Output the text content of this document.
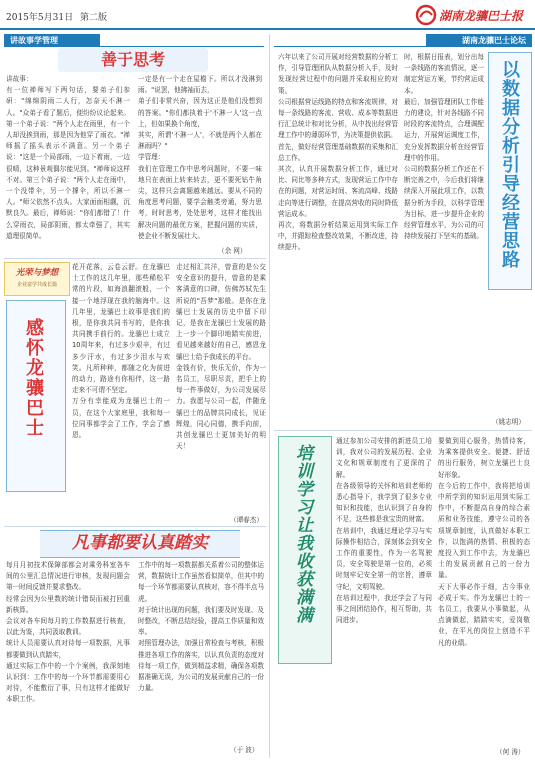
2015年5月31日 第二版	湖南龙骧巴士报
讲故事学管理
善于思考
讲故事：
有一位禅师写下两句话，要弟子们参研："绵绵阴雨二人行，怎奈天不淋一人。"众弟子看了题后，便纷纷议论起来。第一个弟子说："两个人走在雨里，有一个人却没挨到雨，那是因为他穿了雨衣。"禅师摇了摇头表示不满意。另一个弟子说："这是一个局部雨，一边下着雨，一边很晴，这种景观偶尔能见到。"禅师说这样不对。第三个弟子说："两个人走在雨中，一个没带伞，另一个撑伞，所以不淋一人。"师父依然不点头。大家面面相觑，沉默良久。最后，禅师说："你们都错了！什么穿雨衣，局部阴雨，都太牵强了，其实道理很简单。
一定是有一个走在屋檐下。所以才没淋到雨。"说罢，他拂袖而去，
弟子们非常兴奋，因为这正是他们没想到的答案。"你们都执着于'不淋一人'这一点上，但如果换个角度，
其实，所谓'不淋一人'，不就是两个人都在淋雨吗？"
学管理：
我们在管理工作中思考问题时，不要一味地只在表面上转来转去，更不要死钻牛角尖，这样只会离题越来越远。要从不同的角度思考问题，要学会触类旁通，努力思考，时时思考，处处思考，这样才能找出解决问题的最优方案，把握问题的实质，使企业不断发展壮大。
（余 网）
光荣与梦想
企业富学共成长篇
感怀龙骧巴士
花开花落，云卷云舒。在龙骧巴士工作的这几年里，那些稀松平常的片段，如海浪翻滚般，一个接一个地浮现在我的脑海中。这几年里，龙骧巴士故事是我们的根，是你我共同书写的，是你我共同携手前行的。龙骧巴士成立10周年来，有过多少艰辛，有过多少汗水，有过多少泪水与欢笑。凡所种种，都随之化为前进的动力，路途有你相伴，这一路走来不可谓不坚定。
万分有幸能成为龙骧巴士的一员，在这个大家庭里，我和每一位同事都学会了工作，学会了感恩。
走过相汇共洋，曾意的是公交安全意识的提升，曾意的是乘客满意的口碑，仿佛苏轼先生所说的"吾梦"那般。是你在龙骧巴士发展的历史中留下印记，是我在龙骧巴士发展的路上一步一个脚印地踏实前进，看见越来越好的自己，感恩龙骧巴士给予我成长的平台。
金钱有价，快乐无价，作为一名员工，尽职尽责，把手上的每一件事做好，为公司发展尽力。我愿与公司一起，伴随龙骧巴士的品牌共同成长，见证辉煌，同心同德，携手向前，共创龙骧巴士更加美好的明天！
（谭春杰）
凡事都要认真踏实
每月月初技术保障部都会对乘务科室各车间的公里汇总情况进行审核，发现问题会第一时间反馈并要求整改。
经常会因为公里数的统计错误而被打回重新核算。
会议对各车间每月的工作数据进行核查，以此为鉴，共同汲取教训。
统计人员需要认真对待每一项数据，凡事都要做到认真踏实，
通过实际工作中的一个个案例，我深刻地认识到：工作中的每一个环节都需要用心对待，不能敷衍了事，只有这样才能做好本职工作。
工作中的每一项数据都关系着公司的整体运营，数据统计工作虽然看似简单，但其中的每一个环节都需要认真核对，容不得半点马虎。
对于统计出现的问题，我们要及时发现、及时整改，不断总结经验，提高工作质量和效率。
对照管理办法，加强日常检查与考核，积极推进各项工作的落实，以认真负责的态度对待每一项工作，做到精益求精，确保各项数据准确无误，为公司的发展贡献自己的一份力量。
（于 波）
湖南龙骧巴士论坛
六年以来了公司开展对经营数据的分析工作，引导管理团队从数据分析入手，及时发现经营过程中的问题并采取相应的对策。
公司根据营运线路的特点和客流规律，对每一条线路的客流、营收、成本等数据进行汇总统计和对比分析，从中找出经营管理工作中的薄弱环节，为决策提供依据。
首先，做好经营管理基础数据的采集和汇总工作。
其次，认真开展数据分析工作，通过对比、同比等多种方式，发现营运工作中存在的问题，对营运时间、客流高峰、线路走向等进行调整，在提高营收的同时降低营运成本。
再次，将数据分析结果运用到实际工作中，并跟踪检查整改效果，不断改进，持续提升。
时，根据日报表，划分出每一条线路的客流情况，逐一制定营运方案，节约营运成本。
最后，加强管理团队工作能力的建设，针对各线路不同时段的客流特点，合理调配运力，开展营运调度工作，充分发挥数据分析在经营管理中的作用。
公司的数据分析工作还在不断完善之中，今后我们将继续深入开展此项工作，以数据分析为手段，以科学管理为目标，进一步提升企业的经营管理水平，为公司的可持续发展打下坚实的基础。 以数据分析引导经营思路
（姚志明）
培训学习让我收获满满
通过参加公司安排的新进员工培训，我对公司的发展历程、企业文化和规章制度有了更深的了解。
在各级领导的关怀和培训老师的悉心指导下，我学到了很多专业知识和技能，也认识到了自身的不足，这些都是我宝贵的财富。
在培训中，我通过理论学习与实际操作相结合，深刻体会到安全工作的重要性，作为一名驾驶员，安全驾驶是第一位的，必须时刻牢记安全第一的宗旨，遵章守纪，文明驾驶。
在培训过程中，我还学会了与同事之间团结协作，相互帮助，共同进步。
要做到用心服务，热情待客，为乘客提供安全、便捷、舒适的出行服务，树立龙骧巴士良好形象。
在今后的工作中，我将把培训中所学到的知识运用到实际工作中，不断提高自身的综合素质和业务技能，遵守公司的各项规章制度，认真做好本职工作，以饱满的热情、积极的态度投入到工作中去，为龙骧巴士的发展贡献自己的一份力量。
天下大事必作于细，古今事业必成于实。作为龙骧巴士的一名员工，我要从小事做起，从点滴做起，踏踏实实，爱岗敬业，在平凡的岗位上创造不平凡的业绩。
（何 涛）
